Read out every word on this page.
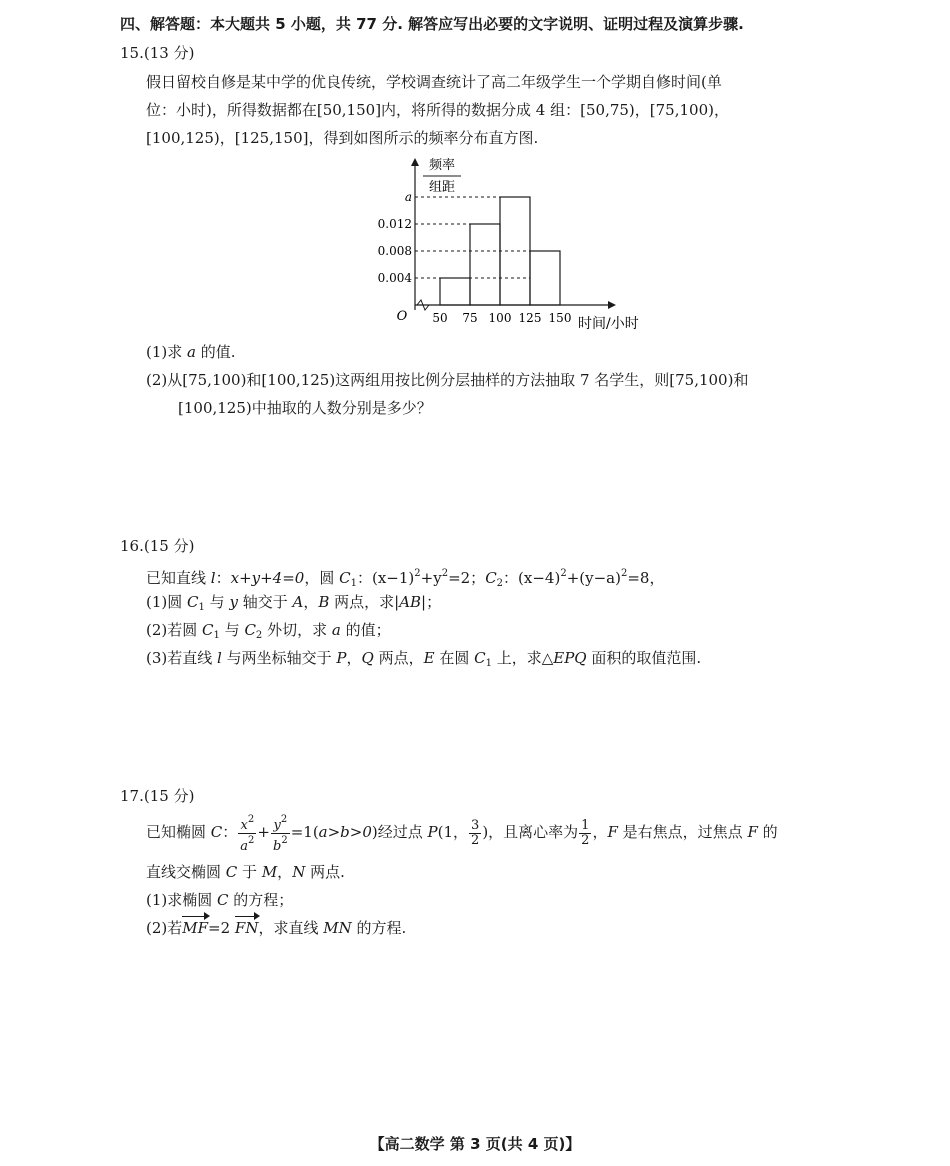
四、解答题：本大题共 5 小题，共 77 分. 解答应写出必要的文字说明、证明过程及演算步骤.
15.(13 分)
假日留校自修是某中学的优良传统，学校调查统计了高二年级学生一个学期自修时间(单
位：小时)，所得数据都在[50,150]内，将所得的数据分成 4 组：[50,75)，[75,100)，
[100,125)，[125,150]，得到如图所示的频率分布直方图.
频率
组距
O	时间/小时
a
0.012
0.008
0.004
50 75 100 125 150
(1)求 a 的值.
(2)从[75,100)和[100,125)这两组用按比例分层抽样的方法抽取 7 名学生，则[75,100)和
[100,125)中抽取的人数分别是多少？
16.(15 分)
已知直线 l：x+y+4=0，圆 $C_1$：$(x-1)^2+y^2=2$；$C_2$：$(x-4)^2+(y-a)^2=8$，
(1)圆 $C_1$ 与 y 轴交于 A，B 两点，求|AB|；
(2)若圆 $C_1$ 与 $C_2$ 外切，求 a 的值；
(3)若直线 l 与两坐标轴交于 P，Q 两点，E 在圆 $C_1$ 上，求△EPQ 面积的取值范围.
17.(15 分)
已知椭圆 C： $\frac{x^2}{a^2} + \frac{y^2}{b^2} =1(a>b>0)$经过点 P(1， $\frac{3}{2}$ )，且离心率为 $\frac{1}{2}$ ，F 是右焦点，过焦点 F 的
直线交椭圆 C 于 M，N 两点.
(1)求椭圆 C 的方程；
(2)若MF=2 FN，求直线 MN 的方程.
【高二数学 第 3 页(共 4 页)】
